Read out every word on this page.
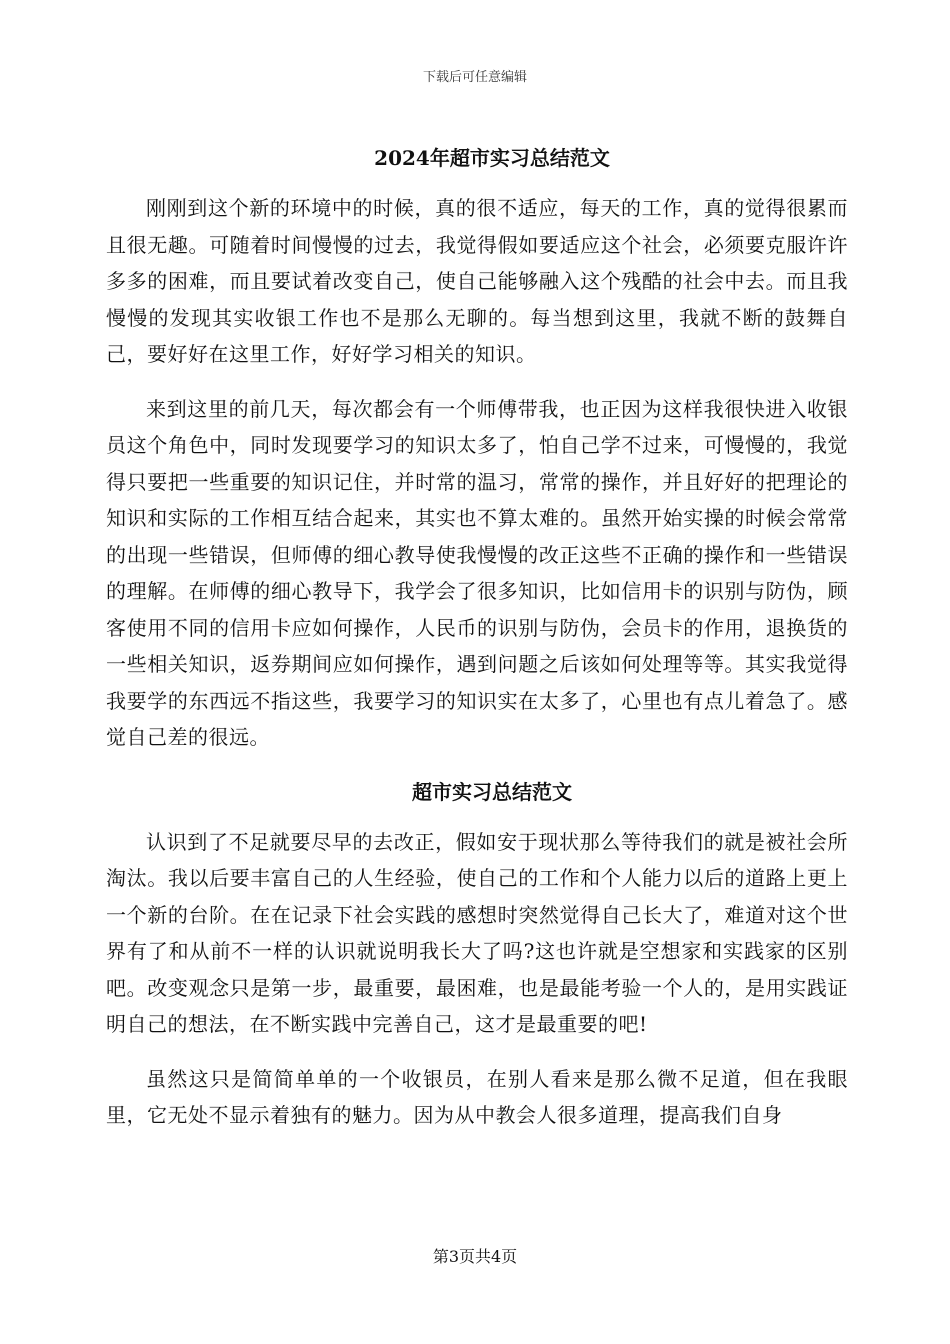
下载后可任意编辑
2024年超市实习总结范文

刚刚到这个新的环境中的时候，真的很不适应，每天的工作，真的觉得很累而且很无趣。可随着时间慢慢的过去，我觉得假如要适应这个社会，必须要克服许许多多的困难，而且要试着改变自己，使自己能够融入这个残酷的社会中去。而且我慢慢的发现其实收银工作也不是那么无聊的。每当想到这里，我就不断的鼓舞自己，要好好在这里工作，好好学习相关的知识。

来到这里的前几天，每次都会有一个师傅带我，也正因为这样我很快进入收银员这个角色中，同时发现要学习的知识太多了，怕自己学不过来，可慢慢的，我觉得只要把一些重要的知识记住，并时常的温习，常常的操作，并且好好的把理论的知识和实际的工作相互结合起来，其实也不算太难的。虽然开始实操的时候会常常的出现一些错误，但师傅的细心教导使我慢慢的改正这些不正确的操作和一些错误的理解。在师傅的细心教导下，我学会了很多知识，比如信用卡的识别与防伪，顾客使用不同的信用卡应如何操作，人民币的识别与防伪，会员卡的作用，退换货的一些相关知识，返券期间应如何操作，遇到问题之后该如何处理等等。其实我觉得我要学的东西远不指这些，我要学习的知识实在太多了，心里也有点儿着急了。感觉自己差的很远。

超市实习总结范文

认识到了不足就要尽早的去改正，假如安于现状那么等待我们的就是被社会所淘汰。我以后要丰富自己的人生经验，使自己的工作和个人能力以后的道路上更上一个新的台阶。在在记录下社会实践的感想时突然觉得自己长大了，难道对这个世界有了和从前不一样的认识就说明我长大了吗?这也许就是空想家和实践家的区别吧。改变观念只是第一步，最重要，最困难，也是最能考验一个人的，是用实践证明自己的想法，在不断实践中完善自己，这才是最重要的吧!

虽然这只是简简单单的一个收银员，在别人看来是那么微不足道，但在我眼里，它无处不显示着独有的魅力。因为从中教会人很多道理，提高我们自身

第3页共4页
